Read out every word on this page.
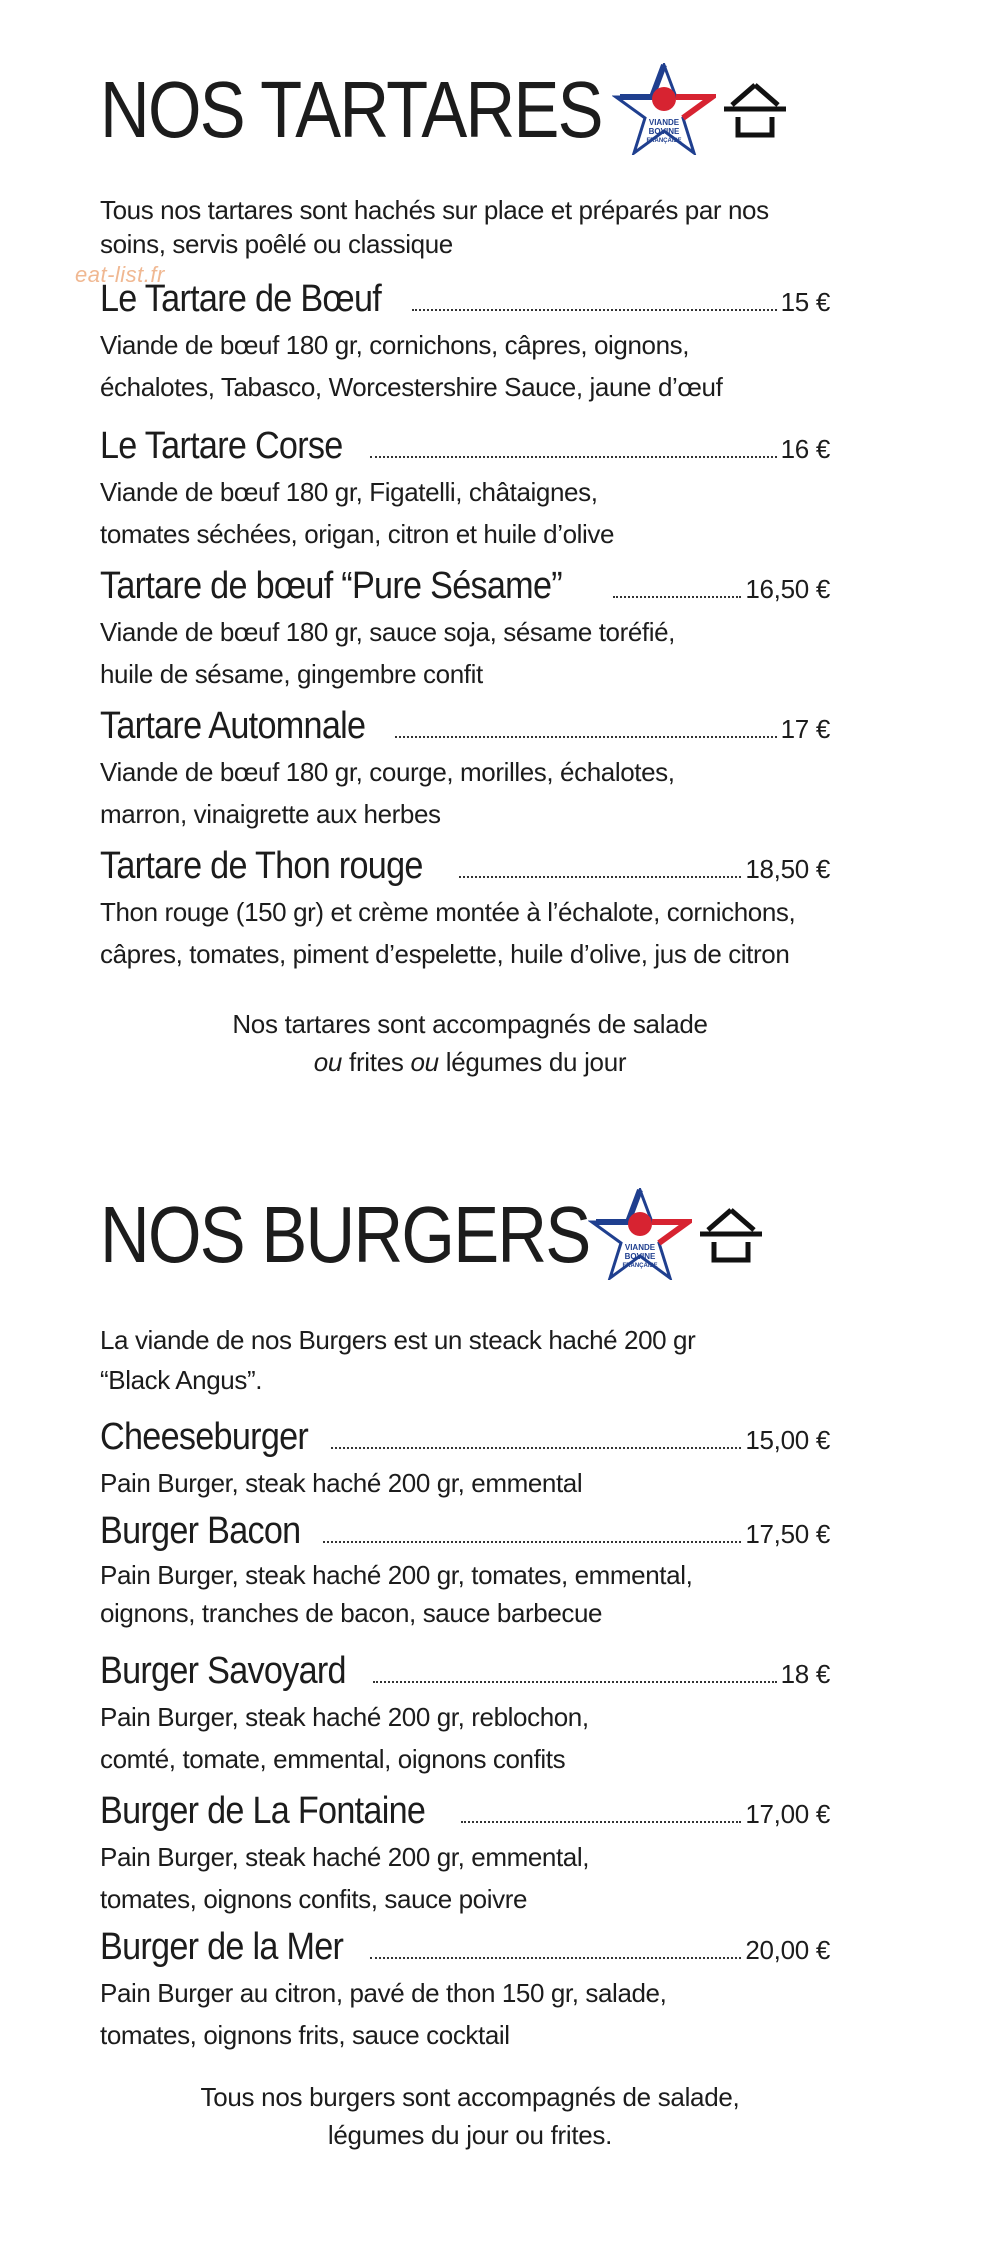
eat-list.fr
NOS TARTARES	VIANDE
BOVINE
FRANÇAISE

Tous nos tartares sont hachés sur place et préparés par nos

soins, servis poêlé ou classique

Le Tartare de Bœuf	15 €
Viande de bœuf 180 gr, cornichons, câpres, oignons,
échalotes, Tabasco, Worcestershire Sauce, jaune d’œuf
Le Tartare Corse	16 €
Viande de bœuf 180 gr, Figatelli, châtaignes,
tomates séchées, origan, citron et huile d’olive
Tartare de bœuf “Pure Sésame”	16,50 €
Viande de bœuf 180 gr, sauce soja, sésame toréfié,
huile de sésame, gingembre confit
Tartare Automnale	17 €
Viande de bœuf 180 gr, courge, morilles, échalotes,
marron, vinaigrette aux herbes
Tartare de Thon rouge	18,50 €
Thon rouge (150 gr) et crème montée à l’échalote, cornichons,
câpres, tomates, piment d’espelette, huile d’olive, jus de citron
Nos tartares sont accompagnés de salade
ou frites ou légumes du jour
NOS BURGERS	VIANDE
BOVINE
FRANÇAISE

La viande de nos Burgers est un steack haché 200 gr

“Black Angus”.

Cheeseburger	15,00 €
Pain Burger, steak haché 200 gr, emmental
Burger Bacon	17,50 €
Pain Burger, steak haché 200 gr, tomates, emmental,
oignons, tranches de bacon, sauce barbecue
Burger Savoyard	18 €
Pain Burger, steak haché 200 gr, reblochon,
comté, tomate, emmental, oignons confits
Burger de La Fontaine	17,00 €
Pain Burger, steak haché 200 gr, emmental,
tomates, oignons confits, sauce poivre
Burger de la Mer	20,00 €
Pain Burger au citron, pavé de thon 150 gr, salade,
tomates, oignons frits, sauce cocktail
Tous nos burgers sont accompagnés de salade,
légumes du jour ou frites.
